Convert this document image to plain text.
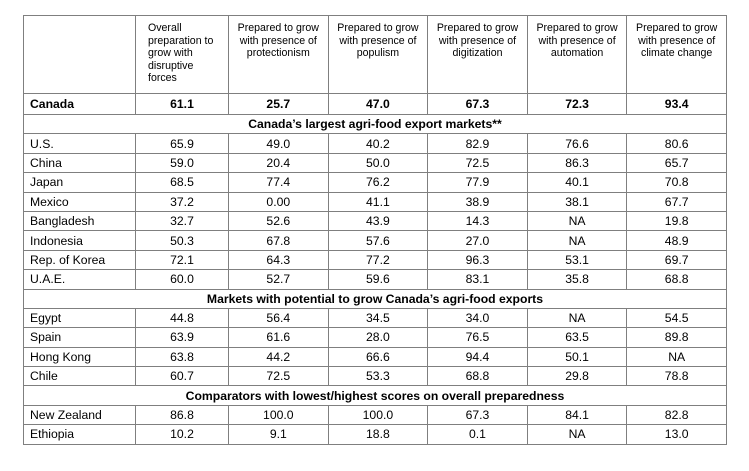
	Overall preparation to grow with disruptive forces	Prepared to grow with presence of protectionism	Prepared to grow with presence of populism	Prepared to grow with presence of digitization	Prepared to grow with presence of automation	Prepared to grow with presence of climate change
Canada	61.1	25.7	47.0	67.3	72.3	93.4
Canada’s largest agri-food export markets**						
U.S.	65.9	49.0	40.2	82.9	76.6	80.6
China	59.0	20.4	50.0	72.5	86.3	65.7
Japan	68.5	77.4	76.2	77.9	40.1	70.8
Mexico	37.2	0.00	41.1	38.9	38.1	67.7
Bangladesh	32.7	52.6	43.9	14.3	NA	19.8
Indonesia	50.3	67.8	57.6	27.0	NA	48.9
Rep. of Korea	72.1	64.3	77.2	96.3	53.1	69.7
U.A.E.	60.0	52.7	59.6	83.1	35.8	68.8
Markets with potential to grow Canada’s agri-food exports						
Egypt	44.8	56.4	34.5	34.0	NA	54.5
Spain	63.9	61.6	28.0	76.5	63.5	89.8
Hong Kong	63.8	44.2	66.6	94.4	50.1	NA
Chile	60.7	72.5	53.3	68.8	29.8	78.8
Comparators with lowest/highest scores on overall preparedness						
New Zealand	86.8	100.0	100.0	67.3	84.1	82.8
Ethiopia	10.2	9.1	18.8	0.1	NA	13.0
